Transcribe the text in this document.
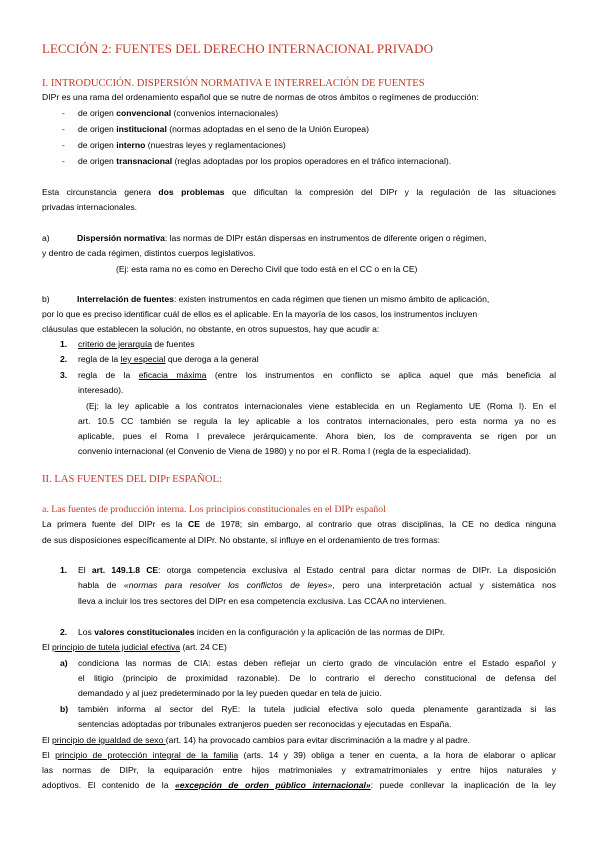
LECCIÓN 2: FUENTES DEL DERECHO INTERNACIONAL PRIVADO
I. INTRODUCCIÓN. DISPERSIÓN NORMATIVA E INTERRELACIÓN DE FUENTES
DIPr es una rama del ordenamiento español que se nutre de normas de otros ámbitos o regímenes de producción:
- de origen convencional (convenios internacionales)
- de origen institucional (normas adoptadas en el seno de la Unión Europea)
- de origen interno (nuestras leyes y reglamentaciones)
- de origen transnacional (reglas adoptadas por los propios operadores en el tráfico internacional).
Esta circunstancia genera dos problemas que dificultan la compresión del DIPr y la regulación de las situaciones
privadas internacionales.
a)	Dispersión normativa: las normas de DIPr están dispersas en instrumentos de diferente origen o régimen,
y dentro de cada régimen, distintos cuerpos legislativos.
(Ej: esta rama no es como en Derecho Civil que todo está en el CC o en la CE)
b)	Interrelación de fuentes: existen instrumentos en cada régimen que tienen un mismo ámbito de aplicación,
por lo que es preciso identificar cuál de ellos es el aplicable. En la mayoría de los casos, los instrumentos incluyen
cláusulas que establecen la solución, no obstante, en otros supuestos, hay que acudir a:
1. criterio de jerarquía de fuentes
2. regla de la ley especial que deroga a la general
3. regla de la eficacia máxima (entre los instrumentos en conflicto se aplica aquel que más beneficia al
interesado).
(Ej: la ley aplicable a los contratos internacionales viene establecida en un Reglamento UE (Roma I). En el
art. 10.5 CC también se regula la ley aplicable a los contratos internacionales, pero esta norma ya no es
aplicable, pues el Roma I prevalece jerárquicamente. Ahora bien, los de compraventa se rigen por un
convenio internacional (el Convenio de Viena de 1980) y no por el R. Roma I (regla de la especialidad).
II. LAS FUENTES DEL DIPr ESPAÑOL:
a. Las fuentes de producción interna. Los principios constitucionales en el DIPr español
La primera fuente del DIPr es la CE de 1978; sin embargo, al contrario que otras disciplinas, la CE no dedica ninguna
de sus disposiciones específicamente al DIPr. No obstante, sí influye en el ordenamiento de tres formas:
1. El art. 149.1.8 CE: otorga competencia exclusiva al Estado central para dictar normas de DIPr. La disposición
habla de «normas para resolver los conflictos de leyes», pero una interpretación actual y sistemática nos
lleva a incluir los tres sectores del DIPr en esa competencia exclusiva. Las CCAA no intervienen.
2. Los valores constitucionales inciden en la configuración y la aplicación de las normas de DIPr.
El principio de tutela judicial efectiva (art. 24 CE)
a) condiciona las normas de CIA: estas deben reflejar un cierto grado de vinculación entre el Estado español y
el litigio (principio de proximidad razonable). De lo contrario el derecho constitucional de defensa del
demandado y al juez predeterminado por la ley pueden quedar en tela de juicio.
b) también informa al sector del RyE: la tutela judicial efectiva solo queda plenamente garantizada si las
sentencias adoptadas por tribunales extranjeros pueden ser reconocidas y ejecutadas en España.
El principio de igualdad de sexo (art. 14) ha provocado cambios para evitar discriminación a la madre y al padre.
El principio de protección integral de la familia (arts. 14 y 39) obliga a tener en cuenta, a la hora de elaborar o aplicar
las normas de DIPr, la equiparación entre hijos matrimoniales y extramatrimoniales y entre hijos naturales y
adoptivos. El contenido de la «excepción de orden público internacional»: puede conllevar la inaplicación de la ley
